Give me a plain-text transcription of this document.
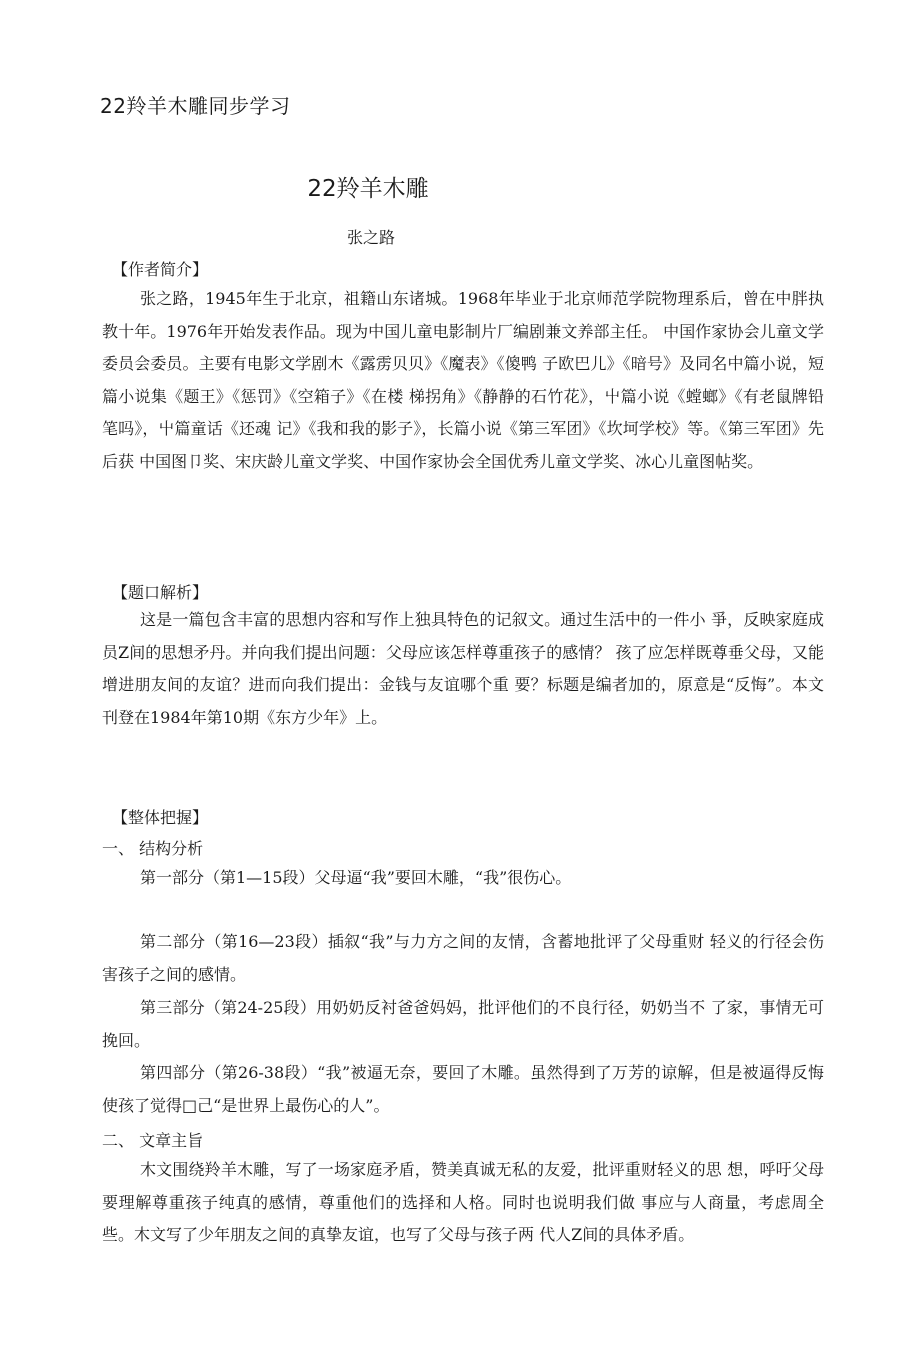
22羚羊木雕同步学习
22羚羊木雕
张之路
【作者简介】

张之路，1945年生于北京，祖籍山东诸城。1968年毕业于北京师范学院物理系后，曾在中胖执教十年。1976年开始发表作品。现为中国儿童电影制片厂编剧兼文养部主任。 中国作家协会儿童文学委员会委员。主要有电影文学剧木《露雳贝贝》《魔表》《傻鸭 子欧巴儿》《暗号》及同名中篇小说，短篇小说集《题王》《惩罚》《空箱子》《在楼 梯拐角》《静静的石竹花》，屮篇小说《螳螂》《有老鼠牌铅笔吗》，屮篇童话《还魂 记》《我和我的影子》，长篇小说《第三军团》《坎坷学校》等。《第三军团》先后获 中国图卩奖、宋庆龄儿童文学奖、中国作家协会全国优秀儿童文学奖、冰心儿童图帖奖。

【题口解析】

这是一篇包含丰富的思想内容和写作上独具特色的记叙文。通过生活中的一件小 爭，反映家庭成员Z间的思想矛丹。并向我们提出问题：父母应该怎样尊重孩子的感情？ 孩了应怎样既尊垂父母，又能增进朋友间的友谊？进而向我们提出：金钱与友谊哪个重 要？标题是编者加的，原意是“反悔”。本文刊登在1984年第10期《东方少年》上。

【整体把握】
一、 结构分析

第一部分（第1—15段）父母逼“我”要回木雕，“我”很伤心。

第二部分（第16—23段）插叙“我”与力方之间的友情，含蓄地批评了父母重财 轻义的行径会伤害孩子之间的感情。

第三部分（第24-25段）用奶奶反衬爸爸妈妈，批评他们的不良行径，奶奶当不 了家，事情无可挽回。

第四部分（第26-38段）“我”被逼无奈，要回了木雕。虽然得到了万芳的谅解，但是被逼得反悔使孩了觉得□己“是世界上最伤心的人”。

二、 文章主旨

木文围绕羚羊木雕，写了一场家庭矛盾，赞美真诚无私的友爱，批评重财轻义的思 想，呼吁父母要理解尊重孩子纯真的感情，尊重他们的选择和人格。同时也说明我们做 事应与人商量，考虑周全些。木文写了少年朋友之间的真挚友谊，也写了父母与孩子两 代人Z间的具体矛盾。
